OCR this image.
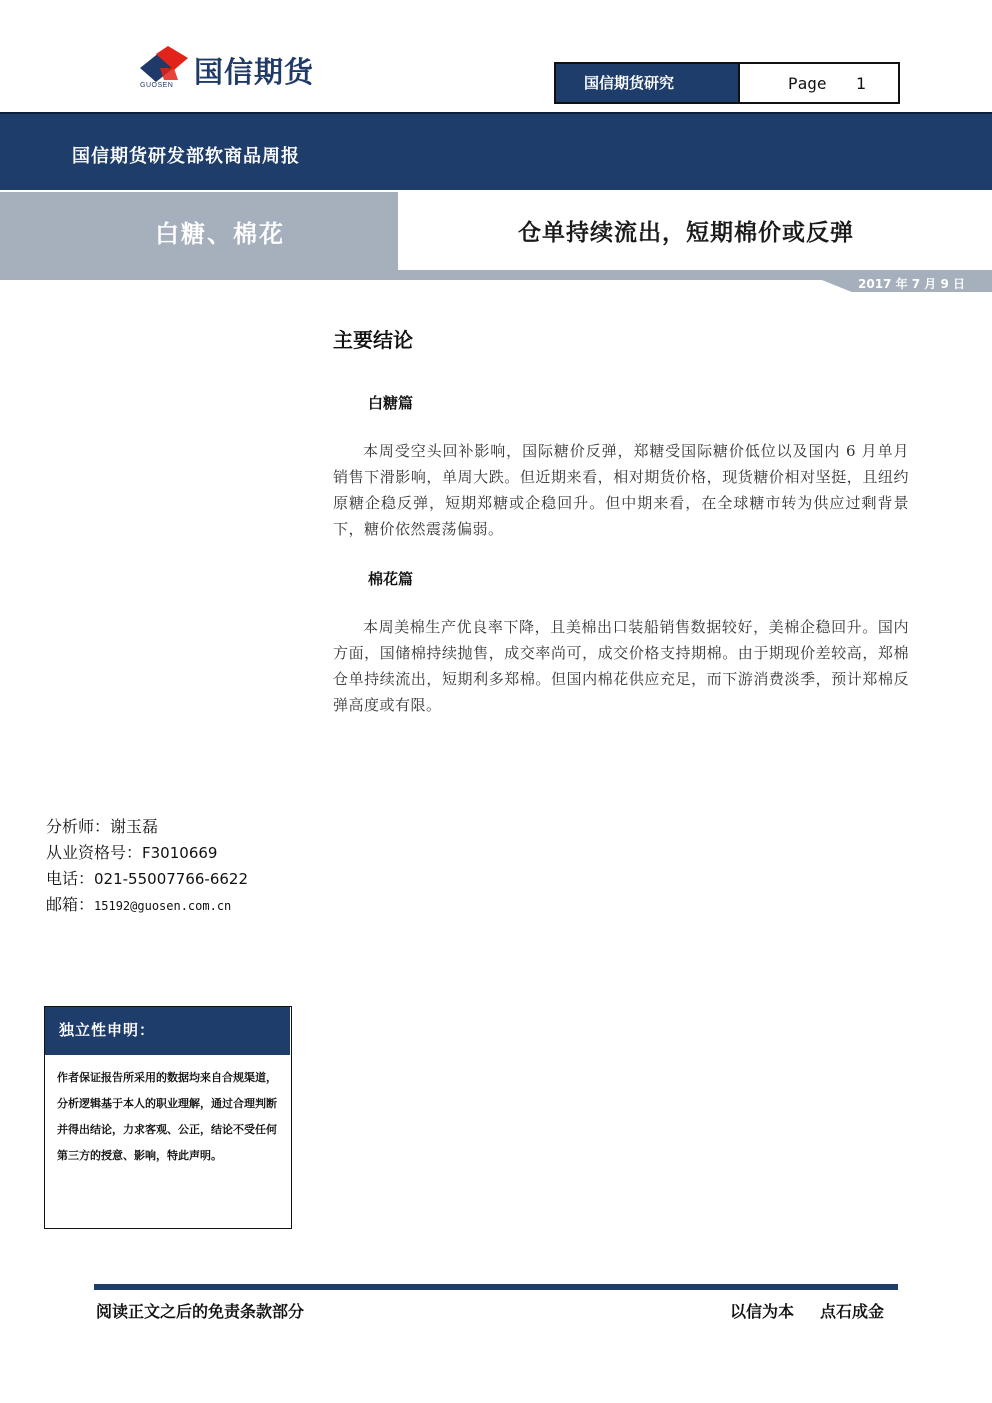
国信期货
GUOSEN	国信期货研究	Page 1
国信期货研发部软商品周报
白糖、棉花	仓单持续流出，短期棉价或反弹
2017 年 7 月 9 日
主要结论
白糖篇
本周受空头回补影响，国际糖价反弹，郑糖受国际糖价低位以及国内 6 月单月销售下滑影响，单周大跌。但近期来看，相对期货价格，现货糖价相对坚挺，且纽约原糖企稳反弹，短期郑糖或企稳回升。但中期来看，在全球糖市转为供应过剩背景下，糖价依然震荡偏弱。
棉花篇
本周美棉生产优良率下降，且美棉出口装船销售数据较好，美棉企稳回升。国内方面，国储棉持续抛售，成交率尚可，成交价格支持期棉。由于期现价差较高，郑棉仓单持续流出，短期利多郑棉。但国内棉花供应充足，而下游消费淡季，预计郑棉反弹高度或有限。
分析师：谢玉磊
从业资格号：F3010669
电话：021-55007766-6622
邮箱：15192@guosen.com.cn
独立性申明：
作者保证报告所采用的数据均来自合规渠道， 分析逻辑基于本人的职业理解，通过合理判断 并得出结论，力求客观、公正，结论不受任何第三方的授意、影响，特此声明。
阅读正文之后的免责条款部分	以信为本 点石成金
